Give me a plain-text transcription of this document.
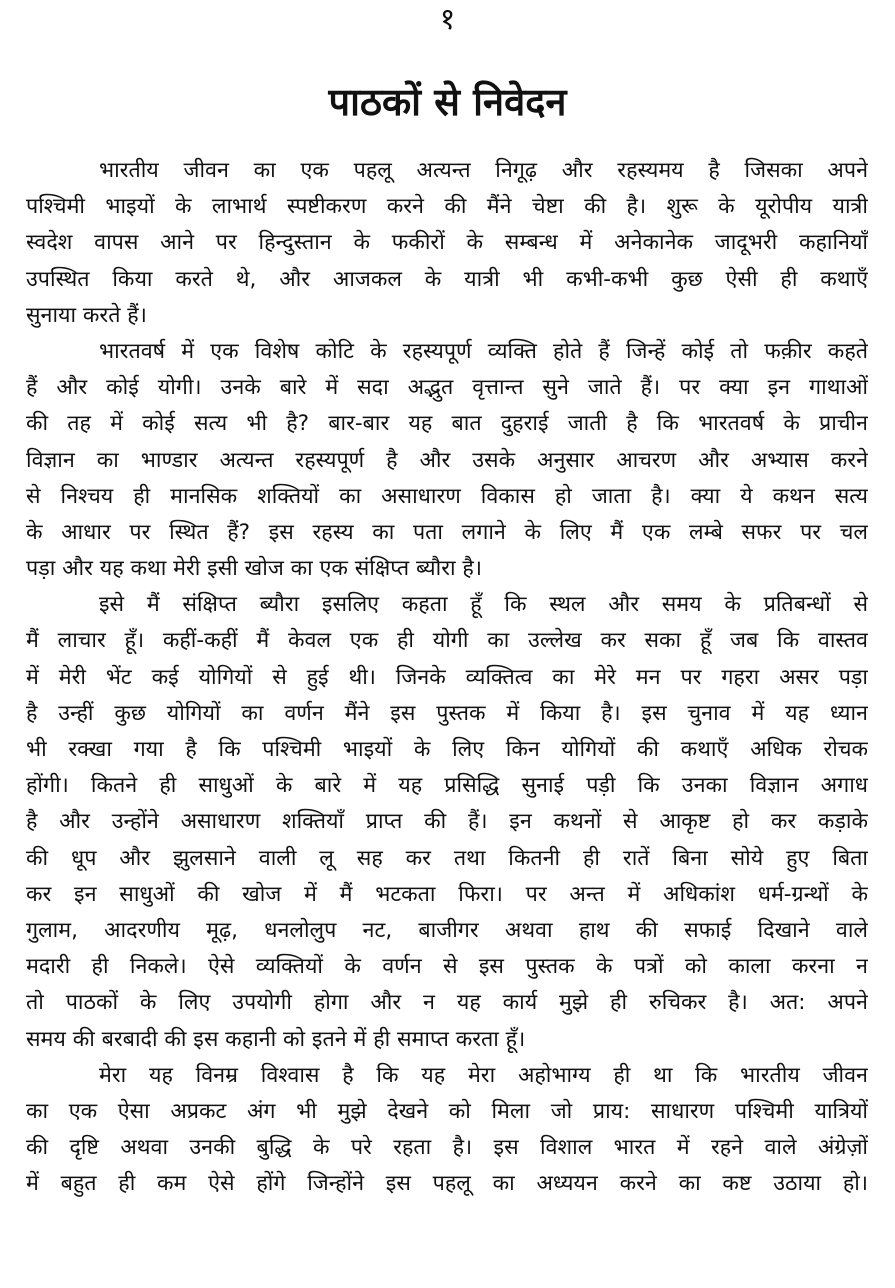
१
पाठकों से निवेदन
भारतीय जीवन का एक पहलू अत्यन्त निगूढ़ और रहस्यमय है जिसका अपने
पश्चिमी भाइयों के लाभार्थ स्पष्टीकरण करने की मैंने चेष्टा की है। शुरू के यूरोपीय यात्री
स्वदेश वापस आने पर हिन्दुस्तान के फकीरों के सम्बन्ध में अनेकानेक जादूभरी कहानियाँ
उपस्थित किया करते थे, और आजकल के यात्री भी कभी-कभी कुछ ऐसी ही कथाएँ
सुनाया करते हैं।
भारतवर्ष में एक विशेष कोटि के रहस्यपूर्ण व्यक्ति होते हैं जिन्हें कोई तो फक़ीर कहते
हैं और कोई योगी। उनके बारे में सदा अद्भुत वृत्तान्त सुने जाते हैं। पर क्या इन गाथाओं
की तह में कोई सत्य भी है? बार-बार यह बात दुहराई जाती है कि भारतवर्ष के प्राचीन
विज्ञान का भाण्डार अत्यन्त रहस्यपूर्ण है और उसके अनुसार आचरण और अभ्यास करने
से निश्चय ही मानसिक शक्तियों का असाधारण विकास हो जाता है। क्या ये कथन सत्य
के आधार पर स्थित हैं? इस रहस्य का पता लगाने के लिए मैं एक लम्बे सफर पर चल
पड़ा और यह कथा मेरी इसी खोज का एक संक्षिप्त ब्यौरा है।
इसे मैं संक्षिप्त ब्यौरा इसलिए कहता हूँ कि स्थल और समय के प्रतिबन्धों से
मैं लाचार हूँ। कहीं-कहीं मैं केवल एक ही योगी का उल्लेख कर सका हूँ जब कि वास्तव
में मेरी भेंट कई योगियों से हुई थी। जिनके व्यक्तित्व का मेरे मन पर गहरा असर पड़ा
है उन्हीं कुछ योगियों का वर्णन मैंने इस पुस्तक में किया है। इस चुनाव में यह ध्यान
भी रक्खा गया है कि पश्चिमी भाइयों के लिए किन योगियों की कथाएँ अधिक रोचक
होंगी। कितने ही साधुओं के बारे में यह प्रसिद्धि सुनाई पड़ी कि उनका विज्ञान अगाध
है और उन्होंने असाधारण शक्तियाँ प्राप्त की हैं। इन कथनों से आकृष्ट हो कर कड़ाके
की धूप और झुलसाने वाली लू सह कर तथा कितनी ही रातें बिना सोये हुए बिता
कर इन साधुओं की खोज में मैं भटकता फिरा। पर अन्त में अधिकांश धर्म-ग्रन्थों के
गुलाम, आदरणीय मूढ़, धनलोलुप नट, बाजीगर अथवा हाथ की सफाई दिखाने वाले
मदारी ही निकले। ऐसे व्यक्तियों के वर्णन से इस पुस्तक के पत्रों को काला करना न
तो पाठकों के लिए उपयोगी होगा और न यह कार्य मुझे ही रुचिकर है। अत: अपने
समय की बरबादी की इस कहानी को इतने में ही समाप्त करता हूँ।
मेरा यह विनम्र विश्वास है कि यह मेरा अहोभाग्य ही था कि भारतीय जीवन
का एक ऐसा अप्रकट अंग भी मुझे देखने को मिला जो प्राय: साधारण पश्चिमी यात्रियों
की दृष्टि अथवा उनकी बुद्धि के परे रहता है। इस विशाल भारत में रहने वाले अंग्रेज़ों
में बहुत ही कम ऐसे होंगे जिन्होंने इस पहलू का अध्ययन करने का कष्ट उठाया हो।
